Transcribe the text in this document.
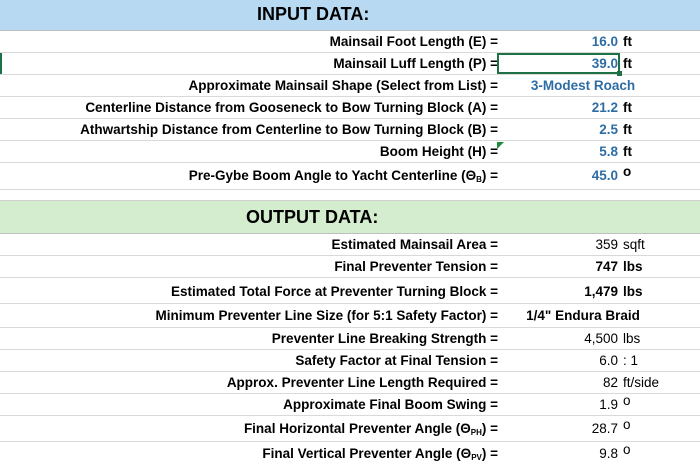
INPUT DATA:
Mainsail Foot Length (E) =	16.0 ft
Mainsail Luff Length (P) =	39.0 ft
Approximate Mainsail Shape (Select from List) =	3-Modest Roach
Centerline Distance from Gooseneck to Bow Turning Block (A) =	21.2 ft
Athwartship Distance from Centerline to Bow Turning Block (B) =	2.5 ft
Boom Height (H) =	5.8 ft
Pre-Gybe Boom Angle to Yacht Centerline $(\Theta_B)$ =	45.0 o
OUTPUT DATA:
Estimated Mainsail Area =	359 sqft
Final Preventer Tension =	747 lbs
Estimated Total Force at Preventer Turning Block =	1,479 lbs
Minimum Preventer Line Size (for 5:1 Safety Factor) =	1/4" Endura Braid
Preventer Line Breaking Strength =	4,500 lbs
Safety Factor at Final Tension =	6.0 : 1
Approx. Preventer Line Length Required =	82 ft/side
Approximate Final Boom Swing =	1.9 o
Final Horizontal Preventer Angle $(\Theta_{PH})$ =	28.7 o
Final Vertical Preventer Angle $(\Theta_{PV})$ =	9.8 o
